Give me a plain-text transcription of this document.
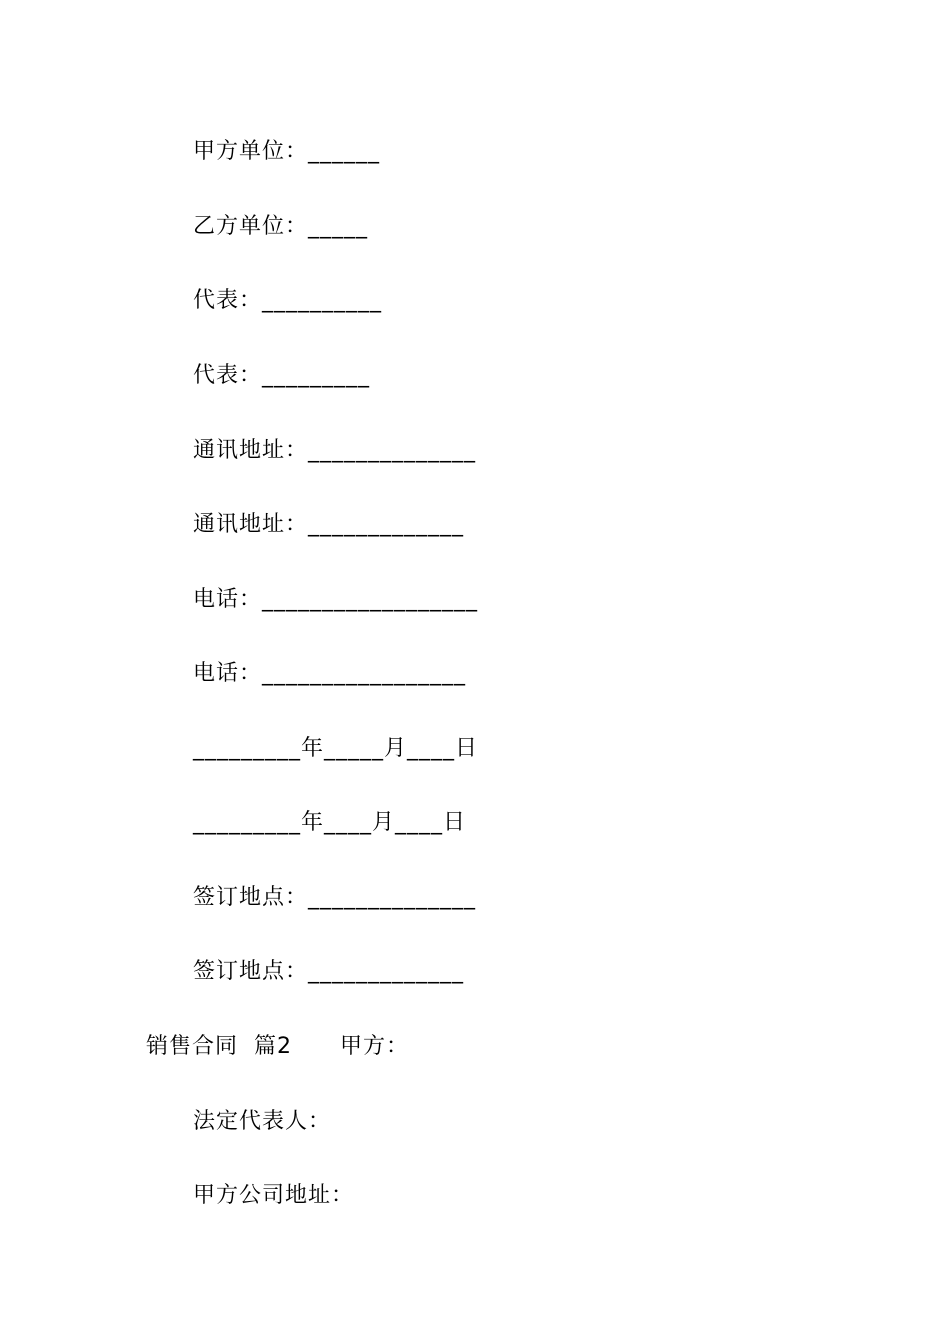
甲方单位：______
乙方单位：_____
代表：__________
代表：_________
通讯地址：______________
通讯地址：_____________
电话：__________________
电话：_________________
_________年_____月____日
_________年____月____日
签订地点：______________
签订地点：_____________
销售合同  篇2      甲方：
法定代表人：
甲方公司地址：
